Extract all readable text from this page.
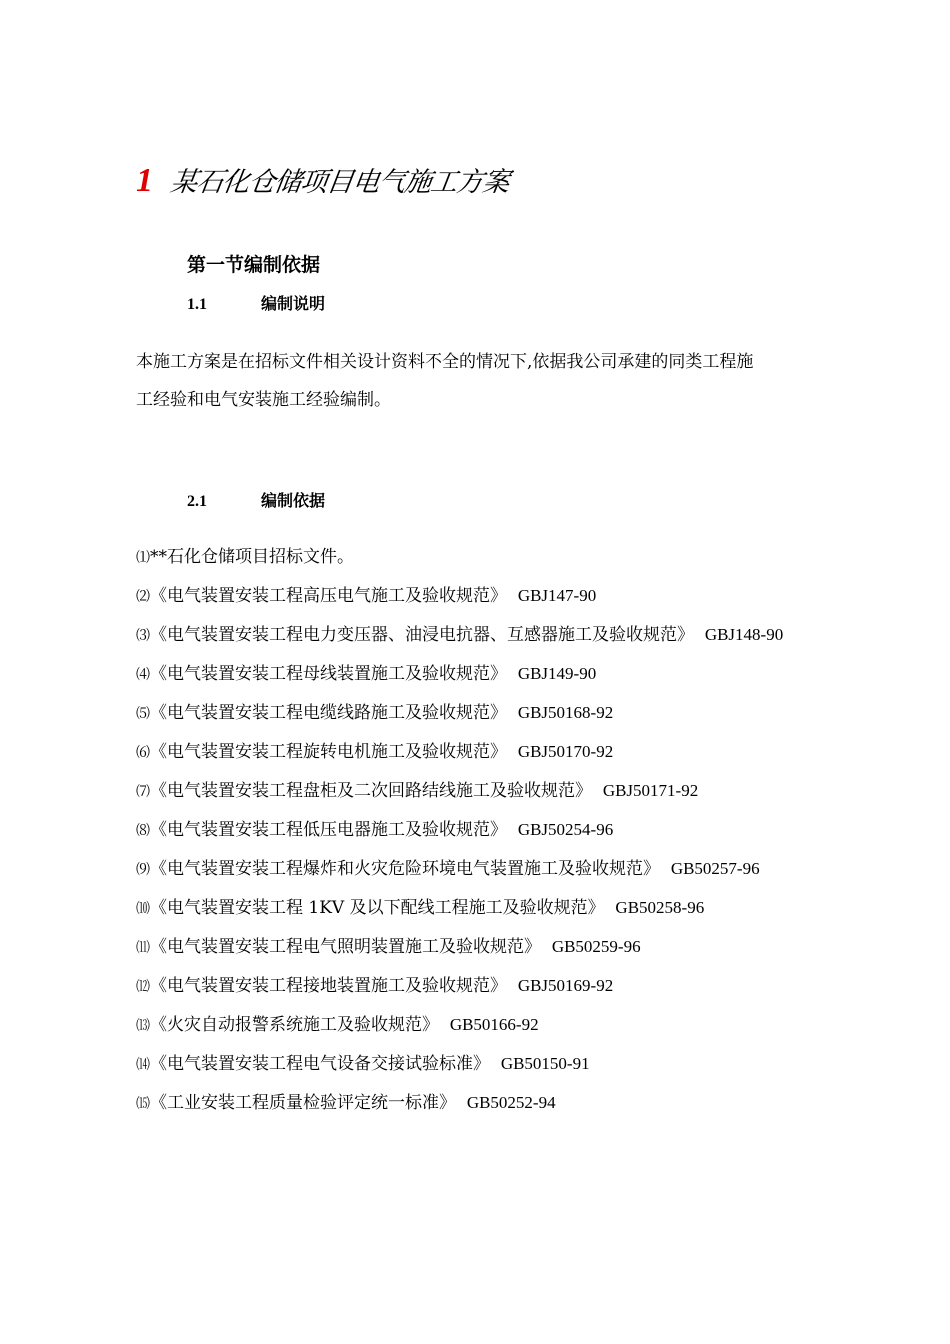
1 某石化仓储项目电气施工方案
第一节编制依据
1.1	编制说明
本施工方案是在招标文件相关设计资料不全的情况下,依据我公司承建的同类工程施
工经验和电气安装施工经验编制。
2.1	编制依据
⑴**石化仓储项目招标文件。
⑵《电气装置安装工程高压电气施工及验收规范》 GBJ147-90
⑶《电气装置安装工程电力变压器、油浸电抗器、互感器施工及验收规范》 GBJ148-90
⑷《电气装置安装工程母线装置施工及验收规范》 GBJ149-90
⑸《电气装置安装工程电缆线路施工及验收规范》 GBJ50168-92
⑹《电气装置安装工程旋转电机施工及验收规范》 GBJ50170-92
⑺《电气装置安装工程盘柜及二次回路结线施工及验收规范》 GBJ50171-92
⑻《电气装置安装工程低压电器施工及验收规范》 GBJ50254-96
⑼《电气装置安装工程爆炸和火灾危险环境电气装置施工及验收规范》 GB50257-96
⑽《电气装置安装工程 1KV 及以下配线工程施工及验收规范》 GB50258-96
⑾《电气装置安装工程电气照明装置施工及验收规范》 GB50259-96
⑿《电气装置安装工程接地装置施工及验收规范》 GBJ50169-92
⒀《火灾自动报警系统施工及验收规范》 GB50166-92
⒁《电气装置安装工程电气设备交接试验标准》 GB50150-91
⒂《工业安装工程质量检验评定统一标准》 GB50252-94
